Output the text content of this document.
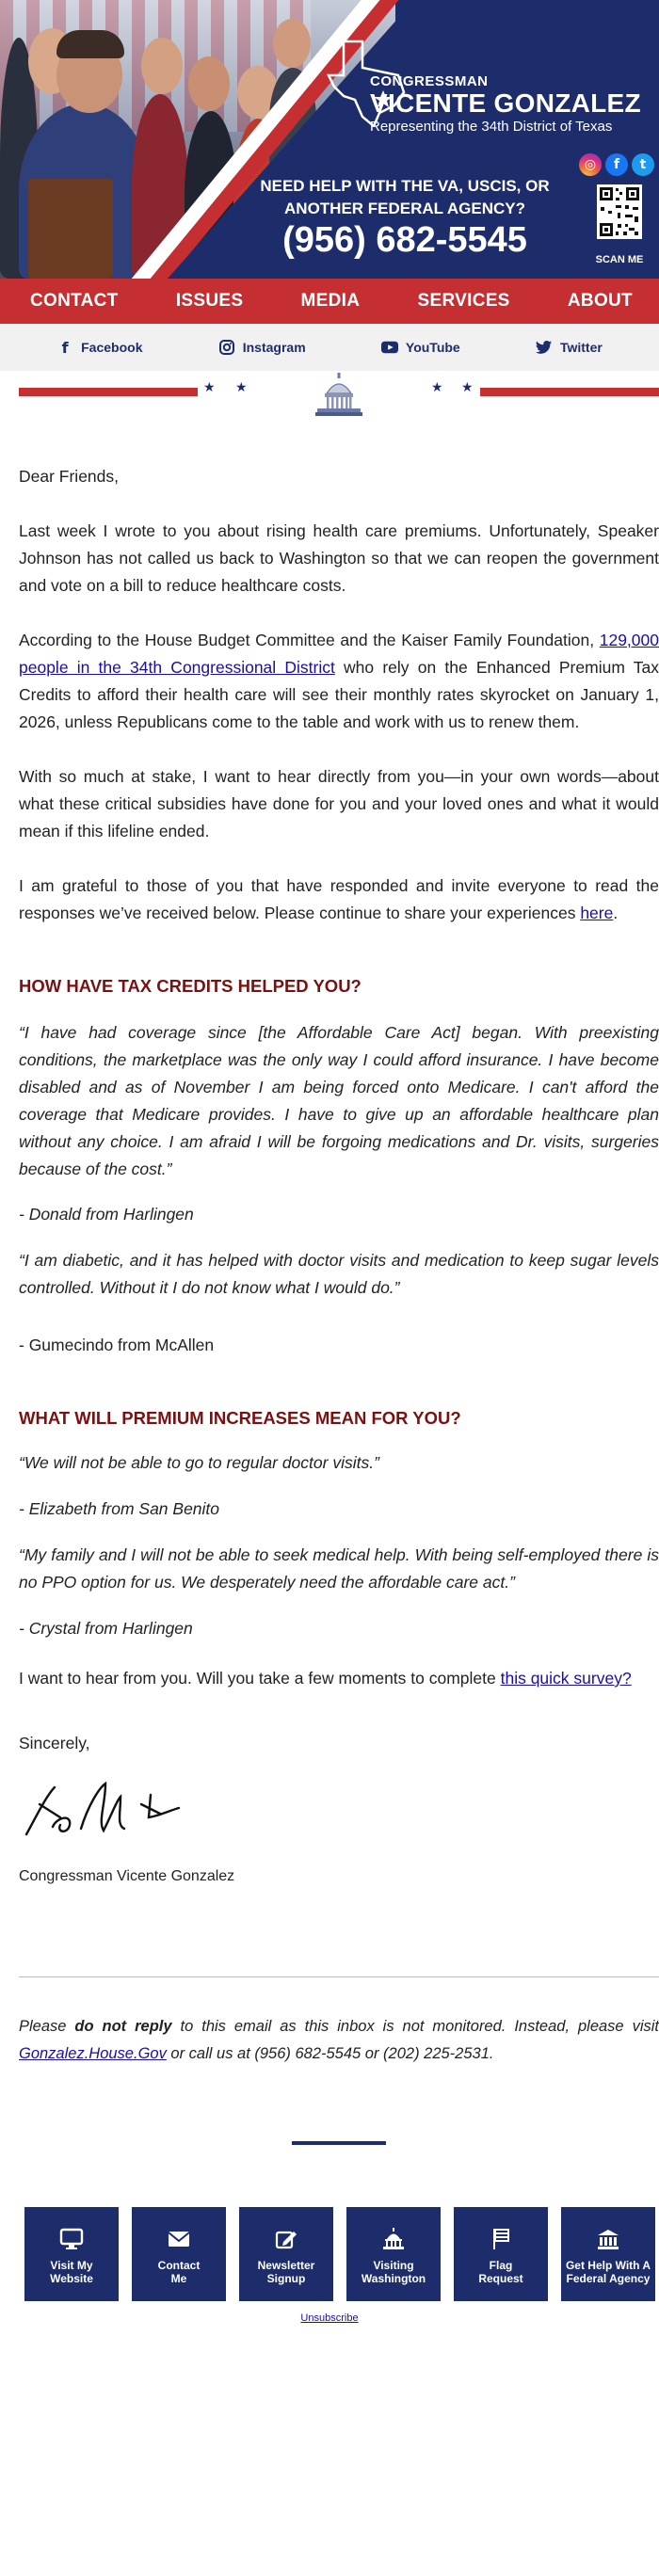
CONGRESSMAN
VICENTE GONZALEZ
Representing the 34th District of Texas
◎	f	t
NEED HELP WITH THE VA, USCIS, OR
ANOTHER FEDERAL AGENCY?
(956) 682-5545	SCAN ME
CONTACT	ISSUES	MEDIA	SERVICES	ABOUT
f Facebook	Instagram	YouTube	Twitter
★ ★	★ ★

Dear Friends,

Last week I wrote to you about rising health care premiums. Unfortunately, Speaker Johnson has not called us back to Washington so that we can reopen the government and vote on a bill to reduce healthcare costs.

According to the House Budget Committee and the Kaiser Family Foundation, 129,000 people in the 34th Congressional District who rely on the Enhanced Premium Tax Credits to afford their health care will see their monthly rates skyrocket on January 1, 2026, unless Republicans come to the table and work with us to renew them.

With so much at stake, I want to hear directly from you—in your own words—about what these critical subsidies have done for you and your loved ones and what it would mean if this lifeline ended.

I am grateful to those of you that have responded and invite everyone to read the responses we’ve received below. Please continue to share your experiences here.

HOW HAVE TAX CREDITS HELPED YOU?

“I have had coverage since [the Affordable Care Act] began. With preexisting conditions, the marketplace was the only way I could afford insurance. I have become disabled and as of November I am being forced onto Medicare. I can't afford the coverage that Medicare provides. I have to give up an affordable healthcare plan without any choice. I am afraid I will be forgoing medications and Dr. visits, surgeries because of the cost.”

- Donald from Harlingen

“I am diabetic, and it has helped with doctor visits and medication to keep sugar levels controlled. Without it I do not know what I would do.”

- Gumecindo from McAllen

WHAT WILL PREMIUM INCREASES MEAN FOR YOU?

“We will not be able to go to regular doctor visits.”

- Elizabeth from San Benito

“My family and I will not be able to seek medical help. With being self-employed there is no PPO option for us. We desperately need the affordable care act.”

- Crystal from Harlingen

I want to hear from you. Will you take a few moments to complete this quick survey?

Sincerely,

Congressman Vicente Gonzalez

Please do not reply to this email as this inbox is not monitored. Instead, please visit Gonzalez.House.Gov or call us at (956) 682-5545 or (202) 225-2531.

Visit My
Website
Contact
Me
Newsletter
Signup
Visiting
Washington
Flag
Request
Get Help With A
Federal Agency
Unsubscribe
